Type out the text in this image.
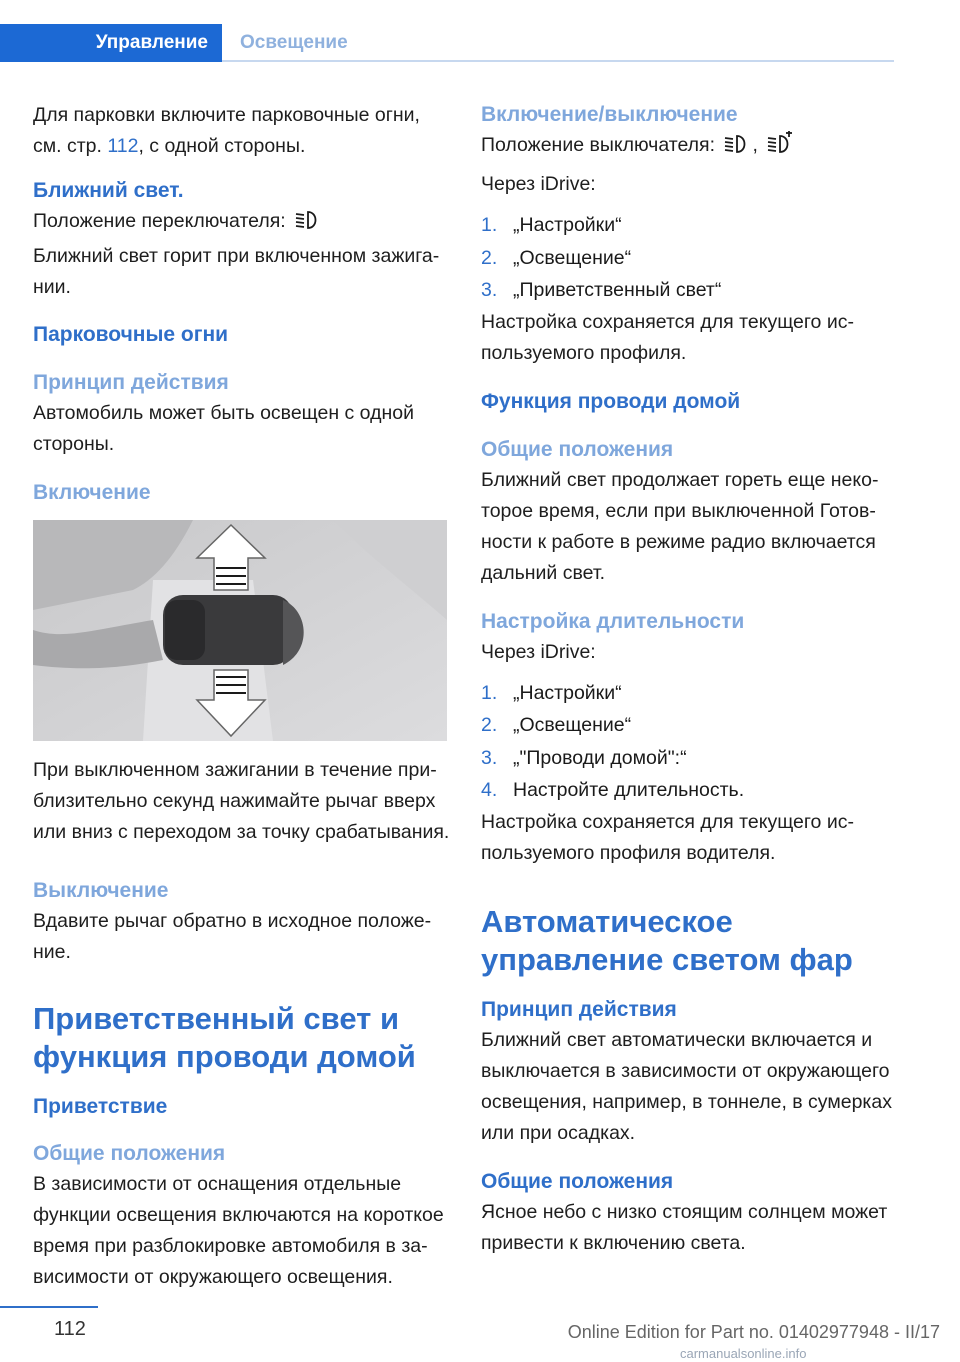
Управление	Освещение

Для парковки включите парковочные огни, см. стр. 112, с одной стороны.

Ближний свет.

Положение переключателя:

Ближний свет горит при включенном зажигании.

Парковочные огни
Принцип действия

Автомобиль может быть освещен с одной стороны.

Включение

При выключенном зажигании в течение приблизительно секунд нажимайте рычаг вверх или вниз с переходом за точку срабатывания.

Выключение

Вдавите рычаг обратно в исходное положение.

Приветственный свет и функция проводи домой
Приветствие
Общие положения

В зависимости от оснащения отдельные функции освещения включаются на короткое время при разблокировке автомобиля в зависимости от окружающего освещения.

Включение/выключение

Положение выключателя: ,

Через iDrive:

1. „Настройки“
2. „Освещение“
3. „Приветственный свет“

Настройка сохраняется для текущего используемого профиля.

Функция проводи домой
Общие положения

Ближний свет продолжает гореть еще некоторое время, если при выключенной Готовности к работе в режиме радио включается дальний свет.

Настройка длительности

Через iDrive:

1. „Настройки“
2. „Освещение“
3. „"Проводи домой":“
4. Настройте длительность.

Настройка сохраняется для текущего используемого профиля водителя.

Автоматическое управление светом фар
Принцип действия

Ближний свет автоматически включается и выключается в зависимости от окружающего освещения, например, в тоннеле, в сумерках или при осадках.

Общие положения

Ясное небо с низко стоящим солнцем может привести к включению света.

112	Online Edition for Part no. 01402977948 - II/17
carmanualsonline.info
